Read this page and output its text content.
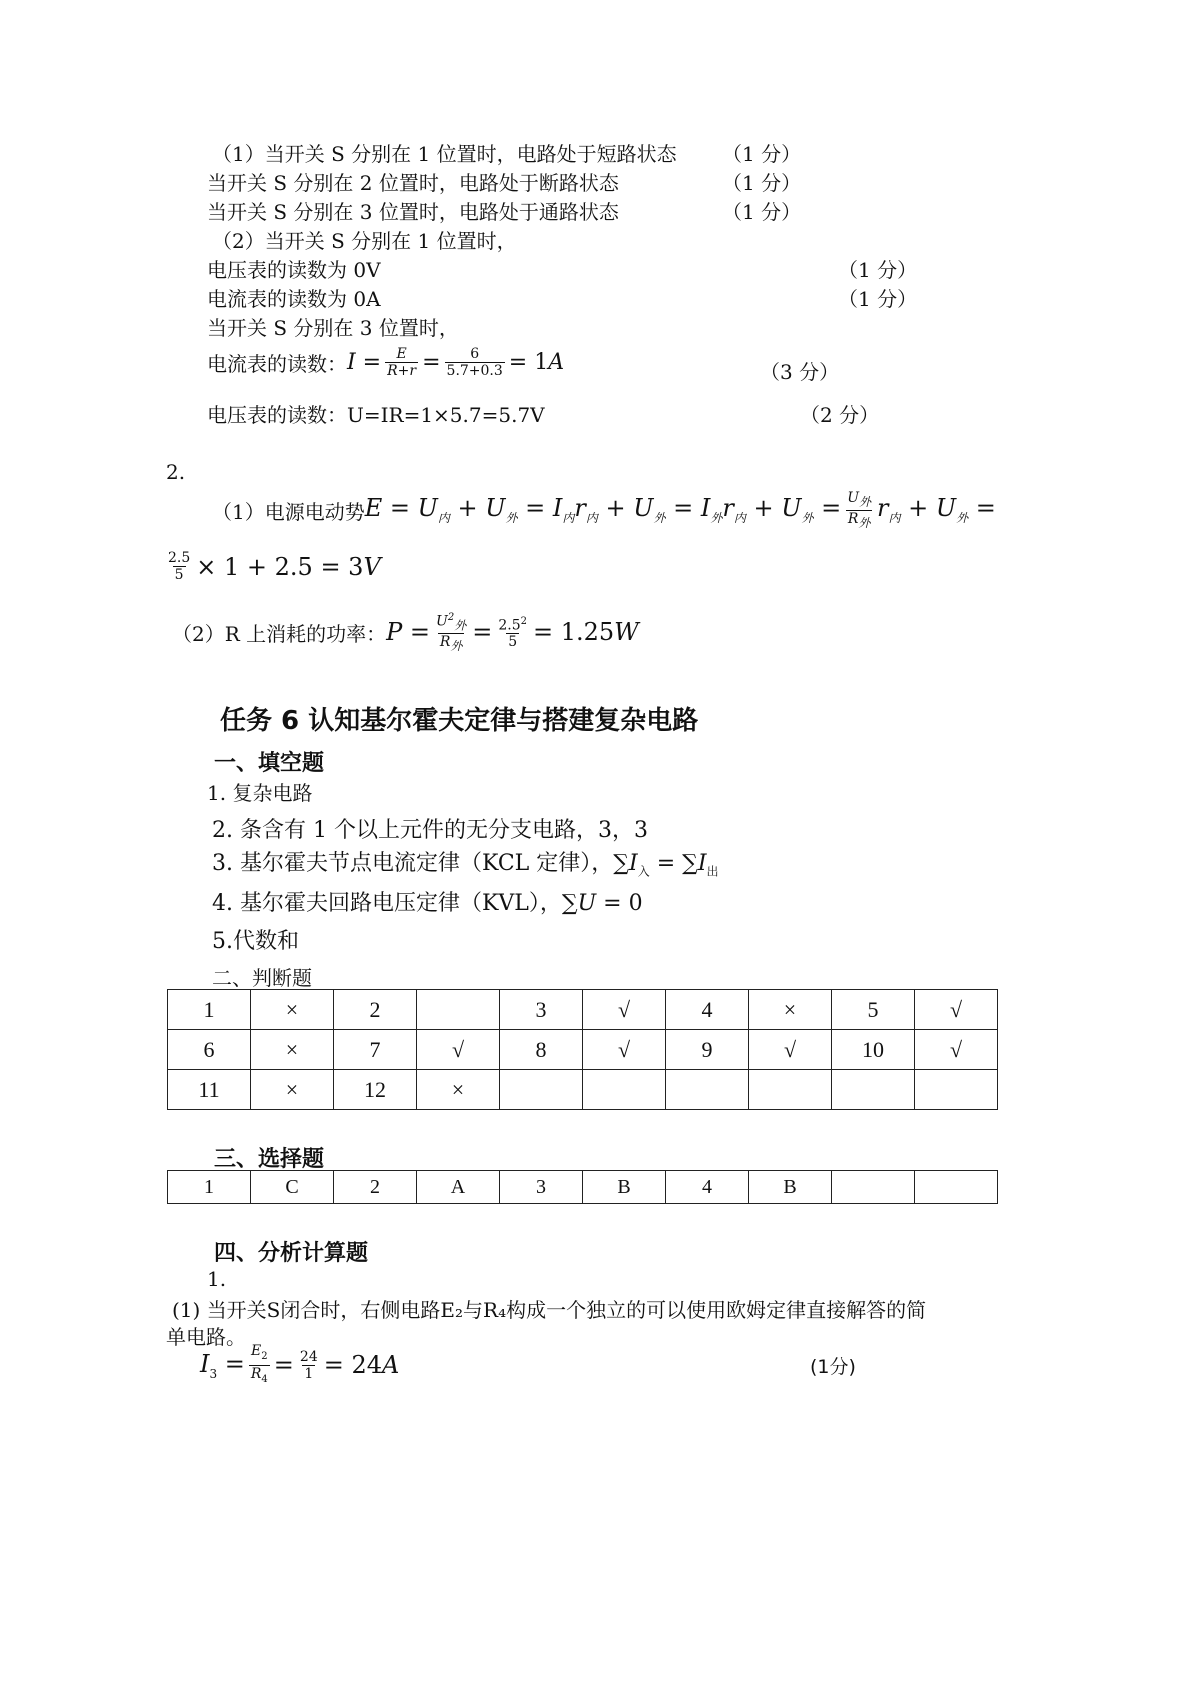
（1）当开关 S 分别在 1 位置时，电路处于短路状态 （1 分）
当开关 S 分别在 2 位置时，电路处于断路状态	（1 分）
当开关 S 分别在 3 位置时，电路处于通路状态	（1 分）
（2）当开关 S 分别在 1 位置时，
电压表的读数为 0V	（1 分）
电流表的读数为 0A	（1 分）
当开关 S 分别在 3 位置时，
电流表的读数： $I = \frac{E}{R+r} = \frac{6}{5.7+0.3} = 1A$	（3 分）
电压表的读数：U=IR=1×5.7=5.7V	（2 分）
2.
（1）电源电动势 $E = U_内 + U_外 = I_内r_内 + U_外 = I_外r_内 + U_外 = \frac{U_外}{R_外} r_内 + U_外$ =
$\frac{2.5}{5} \times 1 + 2.5 = 3$ V
（2）R 上消耗的功率： $P = \frac{U^2_外}{R_外} = \frac{2.5^2}{5} = 1.25$ W
任务 6 认知基尔霍夫定律与搭建复杂电路
一、填空题
1. 复杂电路
2. 条含有 1 个以上元件的无分支电路，3，3
3. 基尔霍夫节点电流定律（KCL 定律）， $\sum I_入 = \sum I_出$
4. 基尔霍夫回路电压定律（KVL）， ∑U = 0
5.代数和
二、判断题
1	×	2		3	√	4	×	5	√
6	×	7	√	8	√	9	√	10	√
11	×	12	×						
三、选择题
1	C	2	A	3	B	4	B		
四、分析计算题
1.
(1) 当开关S闭合时，右侧电路E₂与R₄构成一个独立的可以使用欧姆定律直接解答的简
单电路。
$I_3 = \frac{E_2}{R_4} = \frac{24}{1} = 24A$	(1分)
